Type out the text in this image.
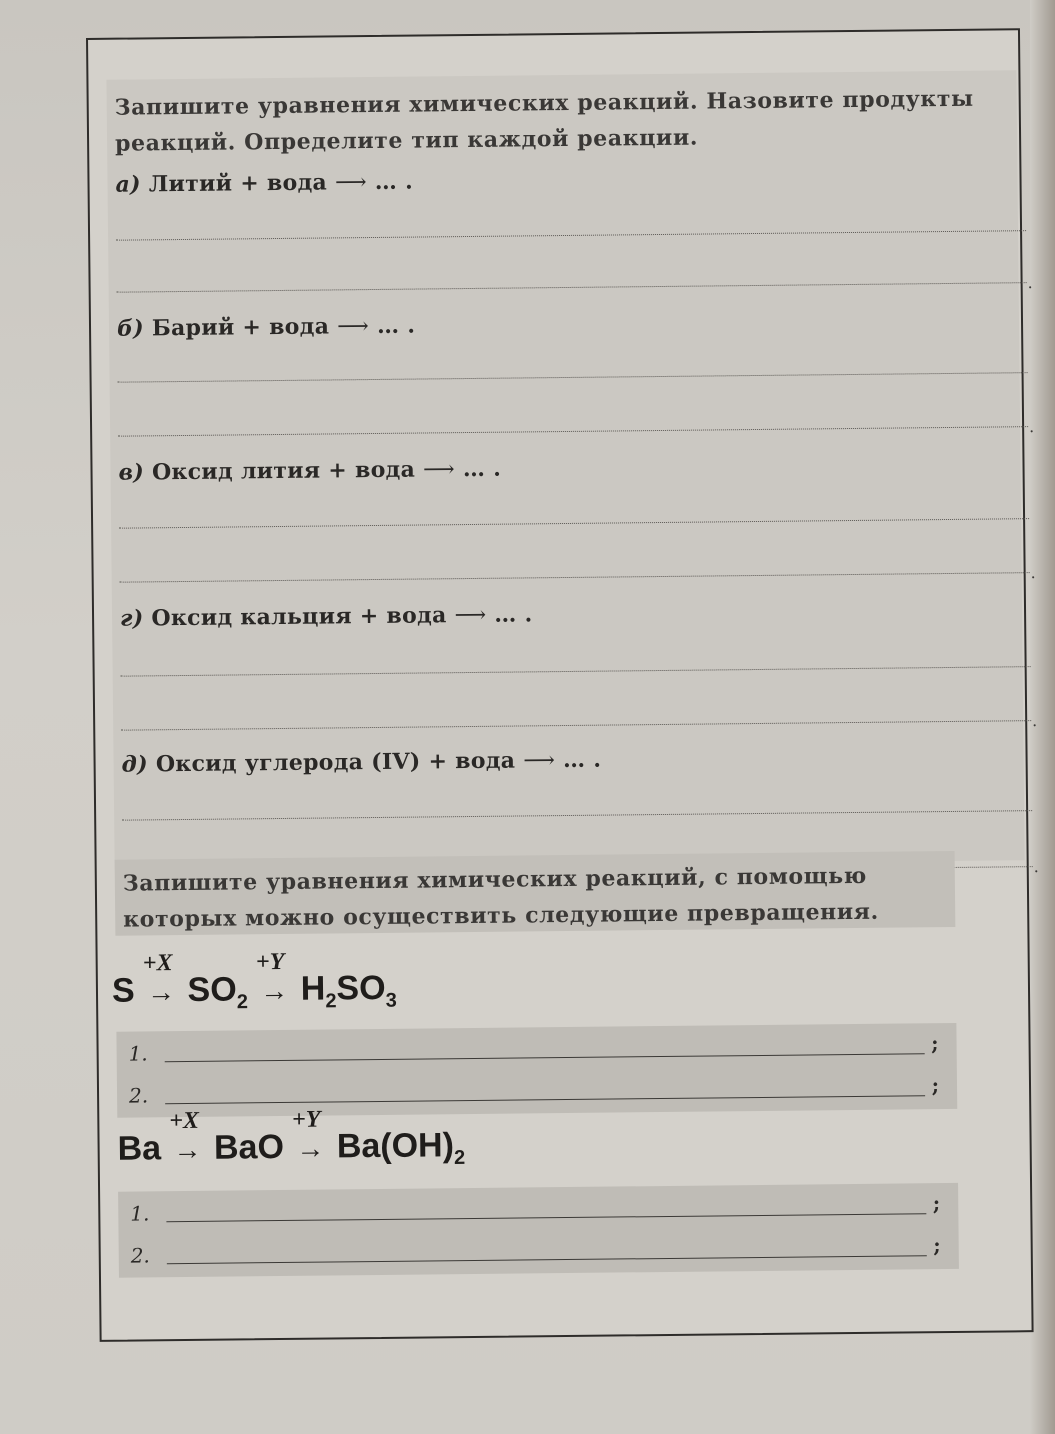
Запишите уравнения химических реакций. Назовите продукты реакций. Определите тип каждой реакции.

а) Литий + вода ⟶ … .
.
б) Барий + вода ⟶ … .
.
в) Оксид лития + вода ⟶ … .
.
г) Оксид кальция + вода ⟶ … .
.
д) Оксид углерода (IV) + вода ⟶ … .
.

Запишите уравнения химических реакций, с помощью которых можно осуществить следующие превращения.

S
+X
→ $SO_2$
+Y
→ $H_2SO_3$
1.	;
2.	;
Ba
+X
→ BaO
+Y
→ $Ba(OH)_2$
1.	;
2.	;
